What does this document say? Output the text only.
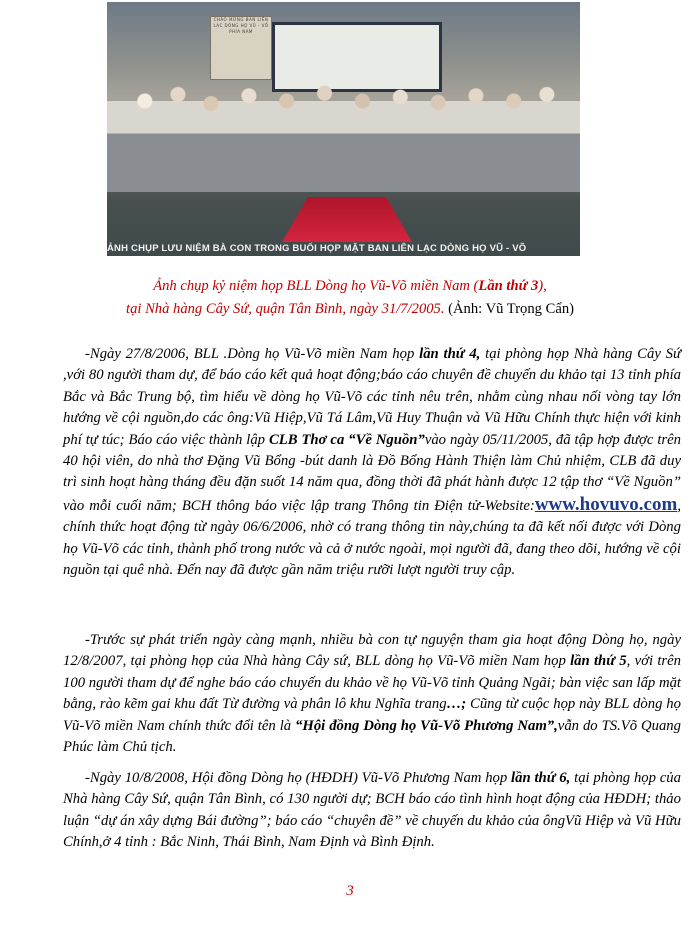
CHÀO MỪNG BAN LIÊN LẠC DÒNG HỌ VŨ - VÕ PHÍA NAM
ẢNH CHỤP LƯU NIỆM BÀ CON TRONG BUỔI HỌP MẶT BAN LIÊN LẠC DÒNG HỌ VŨ - VÕ
Ảnh chụp kỷ niệm họp BLL Dòng họ Vũ-Võ miền Nam (Lần thứ 3),
tại Nhà hàng Cây Sứ, quận Tân Bình, ngày 31/7/2005. (Ảnh: Vũ Trọng Cẩn)
-Ngày 27/8/2006, BLL .Dòng họ Vũ-Võ miền Nam họp lần thứ 4, tại phòng họp Nhà hàng Cây Sứ ,với 80 người tham dự, để báo cáo kết quả hoạt động;báo cáo chuyên đề chuyến du khảo tại 13 tỉnh phía Bắc và Bắc Trung bộ, tìm hiểu về dòng họ Vũ-Võ các tỉnh nêu trên, nhằm cùng nhau nối vòng tay lớn hướng về cội nguồn,do các ông:Vũ Hiệp,Vũ Tá Lâm,Vũ Huy Thuận và Vũ Hữu Chính thực hiện với kinh phí tự túc; Báo cáo việc thành lập CLB Thơ ca “Về Nguồn”vào ngày 05/11/2005, đã tập hợp được trên 40 hội viên, do nhà thơ Đặng Vũ Bổng -bút danh là Đồ Bổng Hành Thiện làm Chủ nhiệm, CLB đã duy trì sinh hoạt hàng tháng đều đặn suốt 14 năm qua, đồng thời đã phát hành được 12 tập thơ “Về Nguồn” vào mỗi cuối năm; BCH thông báo việc lập trang Thông tin Điện tử-Website:www.hovuvo.com, chính thức hoạt động từ ngày 06/6/2006, nhờ có trang thông tin này,chúng ta đã kết nối được với Dòng họ Vũ-Võ các tỉnh, thành phố trong nước và cả ở nước ngoài, mọi người đã, đang theo dõi, hướng về cội nguồn tại quê nhà. Đến nay đã được gần năm triệu rưỡi lượt người truy cập.
-Trước sự phát triển ngày càng mạnh, nhiều bà con tự nguyện tham gia hoạt động Dòng họ, ngày 12/8/2007, tại phòng họp của Nhà hàng Cây sứ, BLL dòng họ Vũ-Võ miền Nam họp lần thứ 5, với trên 100 người tham dự để nghe báo cáo chuyến du khảo về họ Vũ-Võ tỉnh Quảng Ngãi; bàn việc san lấp mặt bằng, rào kẽm gai khu đất Từ đường và phân lô khu Nghĩa trang…; Cũng từ cuộc họp này BLL dòng họ Vũ-Võ miền Nam chính thức đổi tên là “Hội đồng Dòng họ Vũ-Võ Phương Nam”,vẫn do TS.Võ Quang Phúc làm Chủ tịch.
-Ngày 10/8/2008, Hội đồng Dòng họ (HĐDH) Vũ-Võ Phương Nam họp lần thứ 6, tại phòng họp của Nhà hàng Cây Sứ, quận Tân Bình, có 130 người dự; BCH báo cáo tình hình hoạt động của HĐDH; thảo luận “dự án xây dựng Bái đường”; báo cáo “chuyên đề” về chuyến du khảo của ôngVũ Hiệp và Vũ Hữu Chính,ở 4 tỉnh : Bắc Ninh, Thái Bình, Nam Định và Bình Định.
3
